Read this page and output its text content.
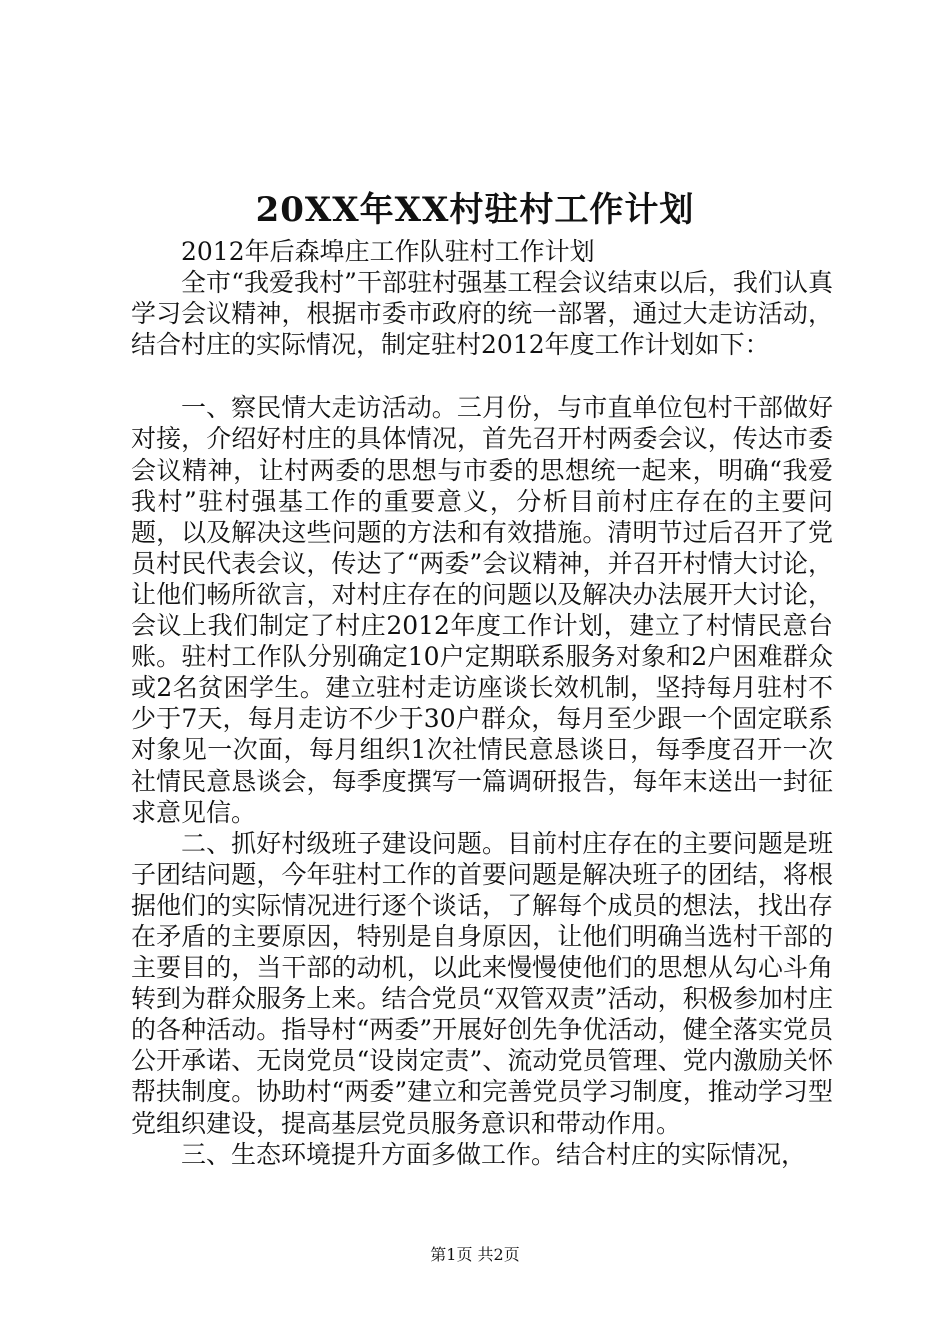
20XX年XX村驻村工作计划

2012年后森埠庄工作队驻村工作计划

全市“我爱我村”干部驻村强基工程会议结束以后，我们认真学习会议精神，根据市委市政府的统一部署，通过大走访活动，结合村庄的实际情况，制定驻村2012年度工作计划如下：

一、察民情大走访活动。三月份，与市直单位包村干部做好对接，介绍好村庄的具体情况，首先召开村两委会议，传达市委会议精神，让村两委的思想与市委的思想统一起来，明确“我爱我村”驻村强基工作的重要意义，分析目前村庄存在的主要问题，以及解决这些问题的方法和有效措施。清明节过后召开了党员村民代表会议，传达了“两委”会议精神，并召开村情大讨论，让他们畅所欲言，对村庄存在的问题以及解决办法展开大讨论，会议上我们制定了村庄2012年度工作计划，建立了村情民意台账。驻村工作队分别确定10户定期联系服务对象和2户困难群众或2名贫困学生。建立驻村走访座谈长效机制，坚持每月驻村不少于7天，每月走访不少于30户群众，每月至少跟一个固定联系对象见一次面，每月组织1次社情民意恳谈日，每季度召开一次社情民意恳谈会，每季度撰写一篇调研报告，每年末送出一封征求意见信。

二、抓好村级班子建设问题。目前村庄存在的主要问题是班子团结问题，今年驻村工作的首要问题是解决班子的团结，将根据他们的实际情况进行逐个谈话，了解每个成员的想法，找出存在矛盾的主要原因，特别是自身原因，让他们明确当选村干部的主要目的，当干部的动机，以此来慢慢使他们的思想从勾心斗角转到为群众服务上来。结合党员“双管双责”活动，积极参加村庄的各种活动。指导村“两委”开展好创先争优活动，健全落实党员公开承诺、无岗党员“设岗定责”、流动党员管理、党内激励关怀帮扶制度。协助村“两委”建立和完善党员学习制度，推动学习型党组织建设，提高基层党员服务意识和带动作用。

三、生态环境提升方面多做工作。结合村庄的实际情况，

第1页 共2页
